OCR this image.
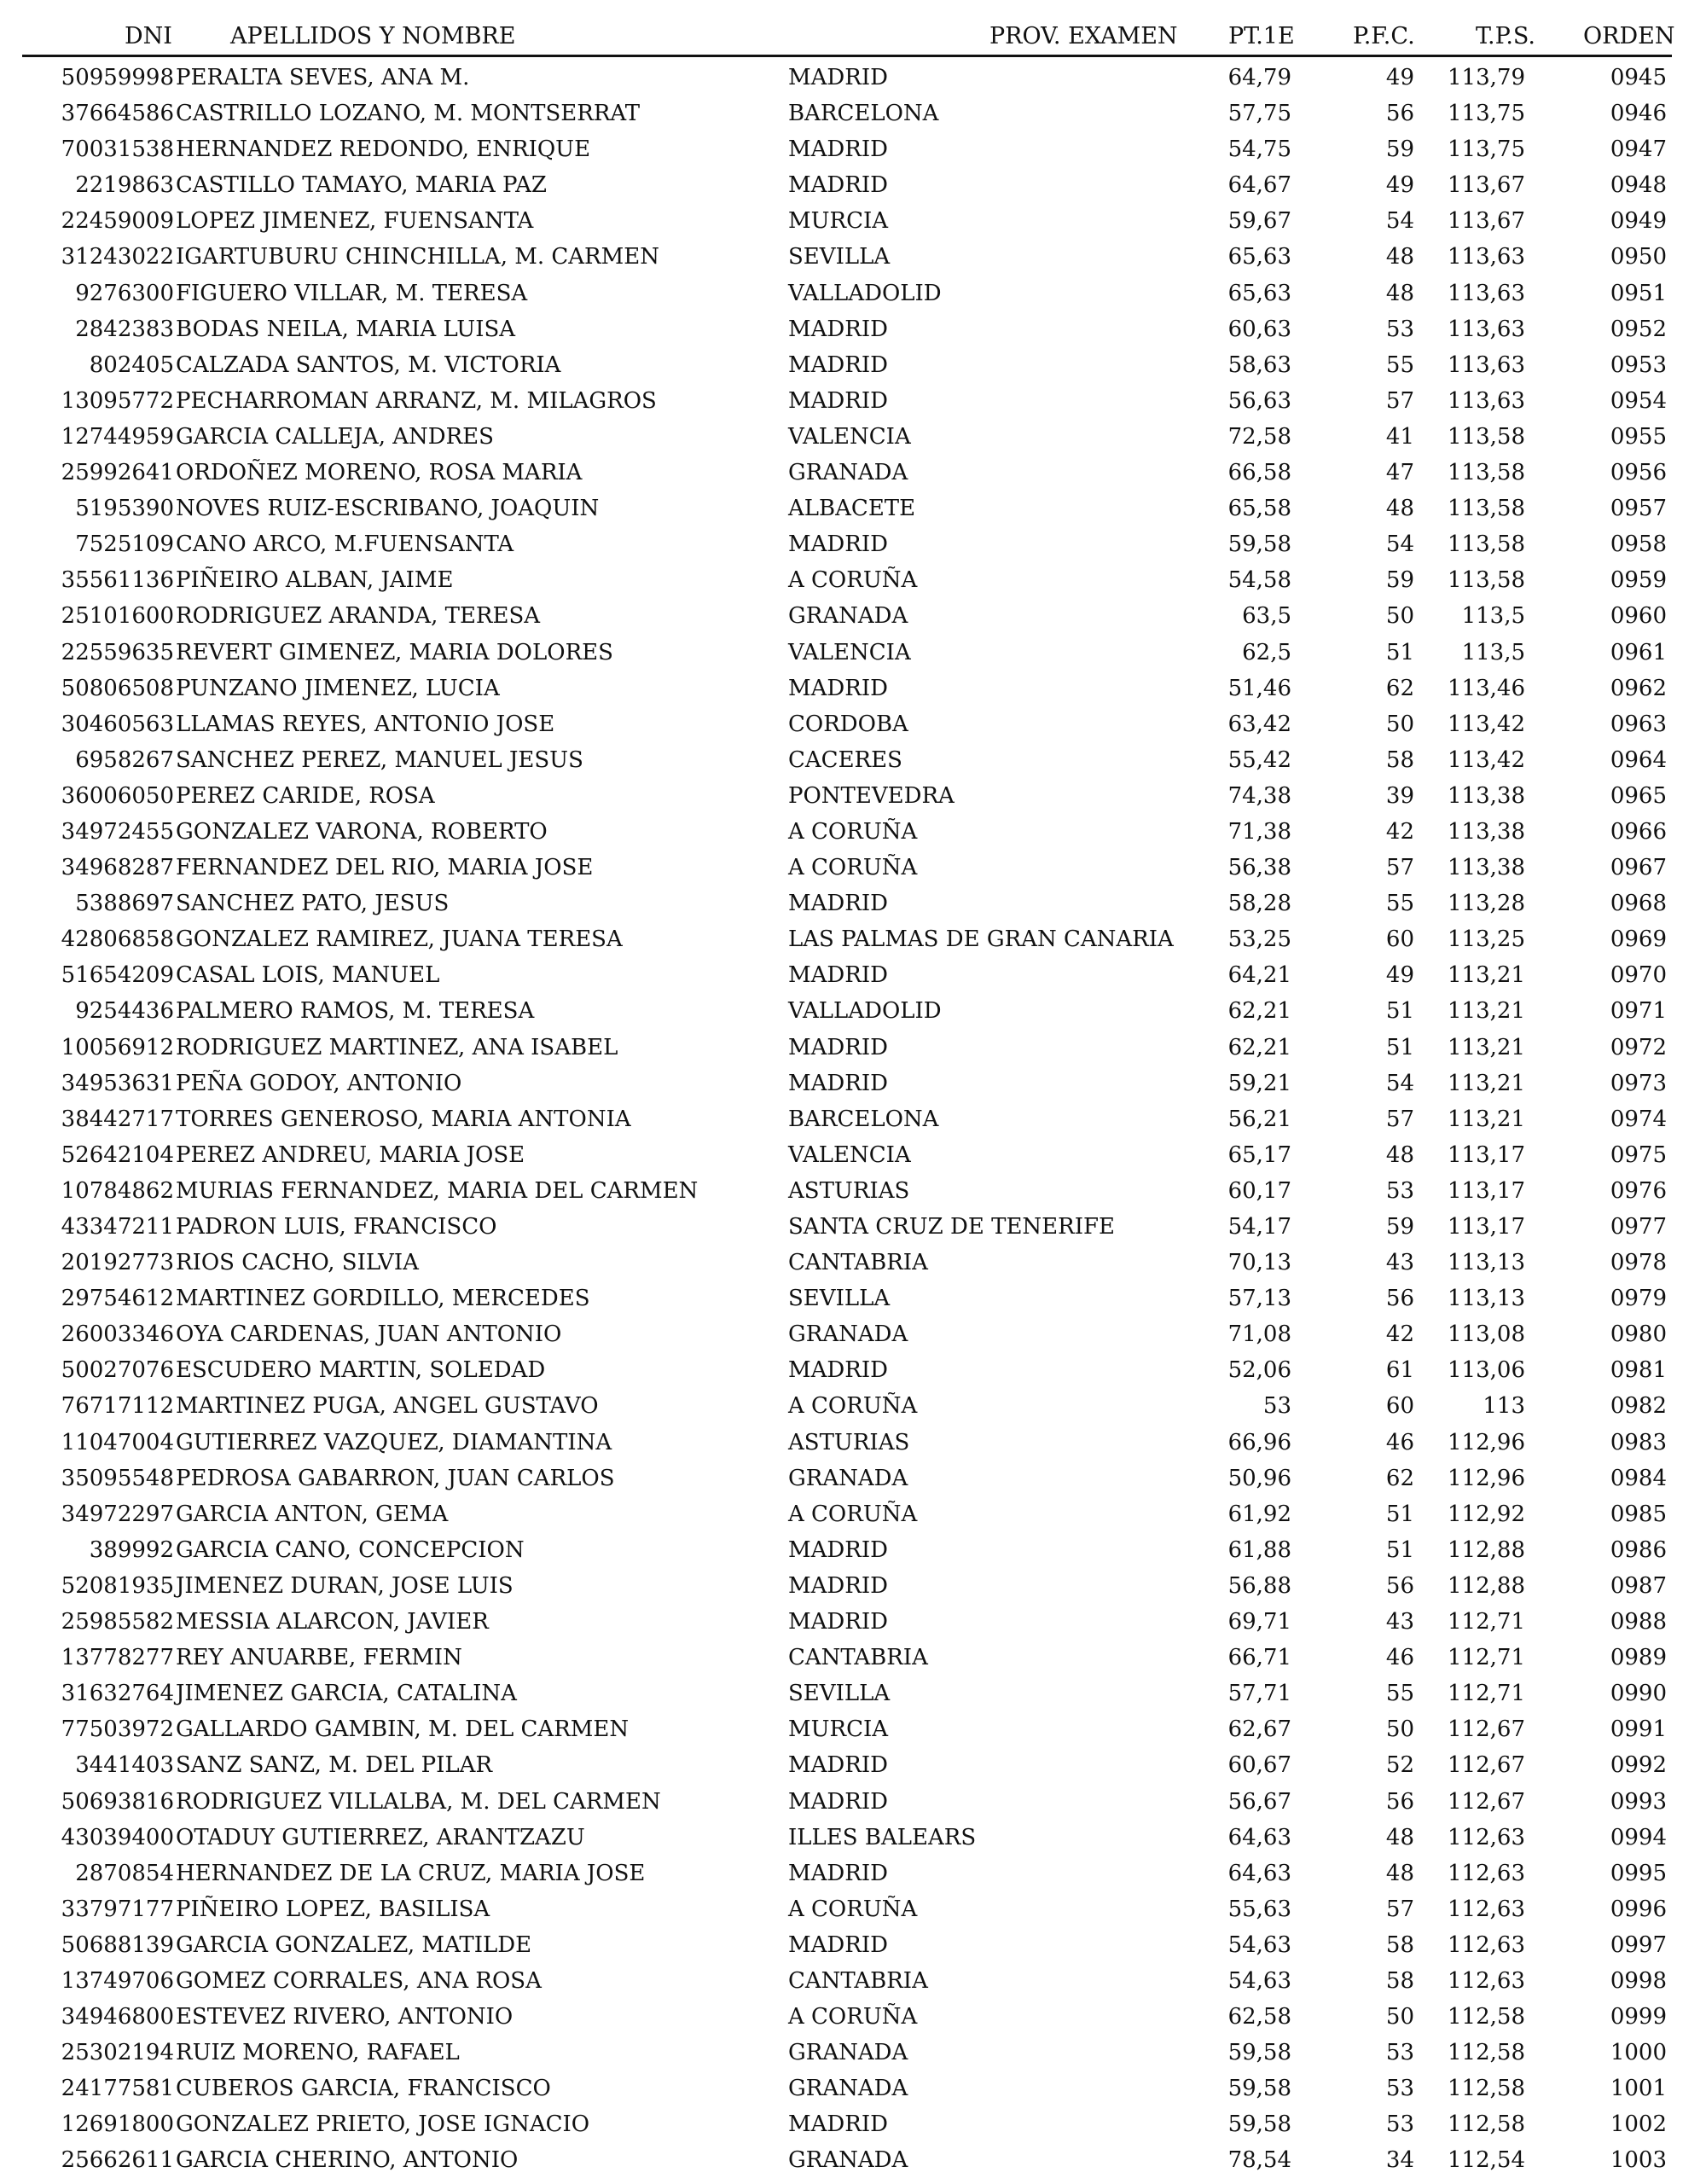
DNI	APELLIDOS Y NOMBRE	PROV. EXAMEN PT.1E	P.F.C.	T.P.S. ORDEN
50959998 PERALTA SEVES, ANA M.	MADRID	64,79	49 113,79	0945
37664586 CASTRILLO LOZANO, M. MONTSERRAT	BARCELONA	57,75	56 113,75	0946
70031538 HERNANDEZ REDONDO, ENRIQUE	MADRID	54,75	59 113,75	0947
2219863 CASTILLO TAMAYO, MARIA PAZ	MADRID	64,67	49 113,67	0948
22459009 LOPEZ JIMENEZ, FUENSANTA	MURCIA	59,67	54 113,67	0949
31243022 IGARTUBURU CHINCHILLA, M. CARMEN	SEVILLA	65,63	48 113,63	0950
9276300 FIGUERO VILLAR, M. TERESA	VALLADOLID	65,63	48 113,63	0951
2842383 BODAS NEILA, MARIA LUISA	MADRID	60,63	53 113,63	0952
802405 CALZADA SANTOS, M. VICTORIA	MADRID	58,63	55 113,63	0953
13095772 PECHARROMAN ARRANZ, M. MILAGROS	MADRID	56,63	57 113,63	0954
12744959 GARCIA CALLEJA, ANDRES	VALENCIA	72,58	41 113,58	0955
25992641 ORDOÑEZ MORENO, ROSA MARIA	GRANADA	66,58	47 113,58	0956
5195390 NOVES RUIZ-ESCRIBANO, JOAQUIN	ALBACETE	65,58	48 113,58	0957
7525109 CANO ARCO, M.FUENSANTA	MADRID	59,58	54 113,58	0958
35561136 PIÑEIRO ALBAN, JAIME	A CORUÑA	54,58	59 113,58	0959
25101600 RODRIGUEZ ARANDA, TERESA	GRANADA	63,5	50 113,5	0960
22559635 REVERT GIMENEZ, MARIA DOLORES	VALENCIA	62,5	51 113,5	0961
50806508 PUNZANO JIMENEZ, LUCIA	MADRID	51,46	62 113,46	0962
30460563 LLAMAS REYES, ANTONIO JOSE	CORDOBA	63,42	50 113,42	0963
6958267 SANCHEZ PEREZ, MANUEL JESUS	CACERES	55,42	58 113,42	0964
36006050 PEREZ CARIDE, ROSA	PONTEVEDRA	74,38	39 113,38	0965
34972455 GONZALEZ VARONA, ROBERTO	A CORUÑA	71,38	42 113,38	0966
34968287 FERNANDEZ DEL RIO, MARIA JOSE	A CORUÑA	56,38	57 113,38	0967
5388697 SANCHEZ PATO, JESUS	MADRID	58,28	55 113,28	0968
42806858 GONZALEZ RAMIREZ, JUANA TERESA	LAS PALMAS DE GRAN CANARIA 53,25	60 113,25	0969
51654209 CASAL LOIS, MANUEL	MADRID	64,21	49 113,21	0970
9254436 PALMERO RAMOS, M. TERESA	VALLADOLID	62,21	51 113,21	0971
10056912 RODRIGUEZ MARTINEZ, ANA ISABEL	MADRID	62,21	51 113,21	0972
34953631 PEÑA GODOY, ANTONIO	MADRID	59,21	54 113,21	0973
38442717 TORRES GENEROSO, MARIA ANTONIA	BARCELONA	56,21	57 113,21	0974
52642104 PEREZ ANDREU, MARIA JOSE	VALENCIA	65,17	48 113,17	0975
10784862 MURIAS FERNANDEZ, MARIA DEL CARMEN	ASTURIAS	60,17	53 113,17	0976
43347211 PADRON LUIS, FRANCISCO	SANTA CRUZ DE TENERIFE	54,17	59 113,17	0977
20192773 RIOS CACHO, SILVIA	CANTABRIA	70,13	43 113,13	0978
29754612 MARTINEZ GORDILLO, MERCEDES	SEVILLA	57,13	56 113,13	0979
26003346 OYA CARDENAS, JUAN ANTONIO	GRANADA	71,08	42 113,08	0980
50027076 ESCUDERO MARTIN, SOLEDAD	MADRID	52,06	61 113,06	0981
76717112 MARTINEZ PUGA, ANGEL GUSTAVO	A CORUÑA	53	60	113	0982
11047004 GUTIERREZ VAZQUEZ, DIAMANTINA	ASTURIAS	66,96	46 112,96	0983
35095548 PEDROSA GABARRON, JUAN CARLOS	GRANADA	50,96	62 112,96	0984
34972297 GARCIA ANTON, GEMA	A CORUÑA	61,92	51 112,92	0985
389992 GARCIA CANO, CONCEPCION	MADRID	61,88	51 112,88	0986
52081935 JIMENEZ DURAN, JOSE LUIS	MADRID	56,88	56 112,88	0987
25985582 MESSIA ALARCON, JAVIER	MADRID	69,71	43 112,71	0988
13778277 REY ANUARBE, FERMIN	CANTABRIA	66,71	46 112,71	0989
31632764 JIMENEZ GARCIA, CATALINA	SEVILLA	57,71	55 112,71	0990
77503972 GALLARDO GAMBIN, M. DEL CARMEN	MURCIA	62,67	50 112,67	0991
3441403 SANZ SANZ, M. DEL PILAR	MADRID	60,67	52 112,67	0992
50693816 RODRIGUEZ VILLALBA, M. DEL CARMEN	MADRID	56,67	56 112,67	0993
43039400 OTADUY GUTIERREZ, ARANTZAZU	ILLES BALEARS	64,63	48 112,63	0994
2870854 HERNANDEZ DE LA CRUZ, MARIA JOSE	MADRID	64,63	48 112,63	0995
33797177 PIÑEIRO LOPEZ, BASILISA	A CORUÑA	55,63	57 112,63	0996
50688139 GARCIA GONZALEZ, MATILDE	MADRID	54,63	58 112,63	0997
13749706 GOMEZ CORRALES, ANA ROSA	CANTABRIA	54,63	58 112,63	0998
34946800 ESTEVEZ RIVERO, ANTONIO	A CORUÑA	62,58	50 112,58	0999
25302194 RUIZ MORENO, RAFAEL	GRANADA	59,58	53 112,58	1000
24177581 CUBEROS GARCIA, FRANCISCO	GRANADA	59,58	53 112,58	1001
12691800 GONZALEZ PRIETO, JOSE IGNACIO	MADRID	59,58	53 112,58	1002
25662611 GARCIA CHERINO, ANTONIO	GRANADA	78,54	34 112,54	1003
